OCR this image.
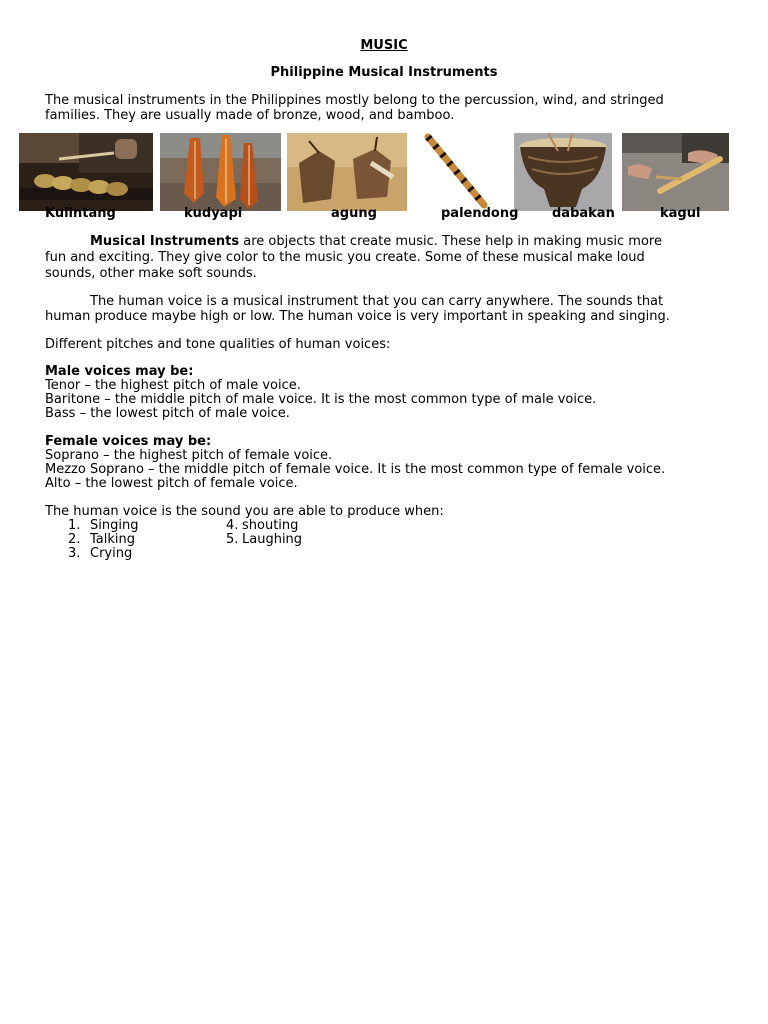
MUSIC
Philippine Musical Instruments
The musical instruments in the Philippines mostly belong to the percussion, wind, and stringed
families. They are usually made of bronze, wood, and bamboo.
Kulintang	kudyapi	agung	palendong	dabakan	kagul
Musical Instruments are objects that create music. These help in making music more
fun and exciting. They give color to the music you create. Some of these musical make loud
sounds, other make soft sounds.
The human voice is a musical instrument that you can carry anywhere. The sounds that
human produce maybe high or low. The human voice is very important in speaking and singing.
Different pitches and tone qualities of human voices:
Male voices may be:
Tenor – the highest pitch of male voice.
Baritone – the middle pitch of male voice. It is the most common type of male voice.
Bass – the lowest pitch of male voice.
Female voices may be:
Soprano – the highest pitch of female voice.
Mezzo Soprano – the middle pitch of female voice. It is the most common type of female voice.
Alto – the lowest pitch of female voice.
The human voice is the sound you are able to produce when:
1. Singing
2. Talking
3. Crying
4. shouting
5. Laughing
